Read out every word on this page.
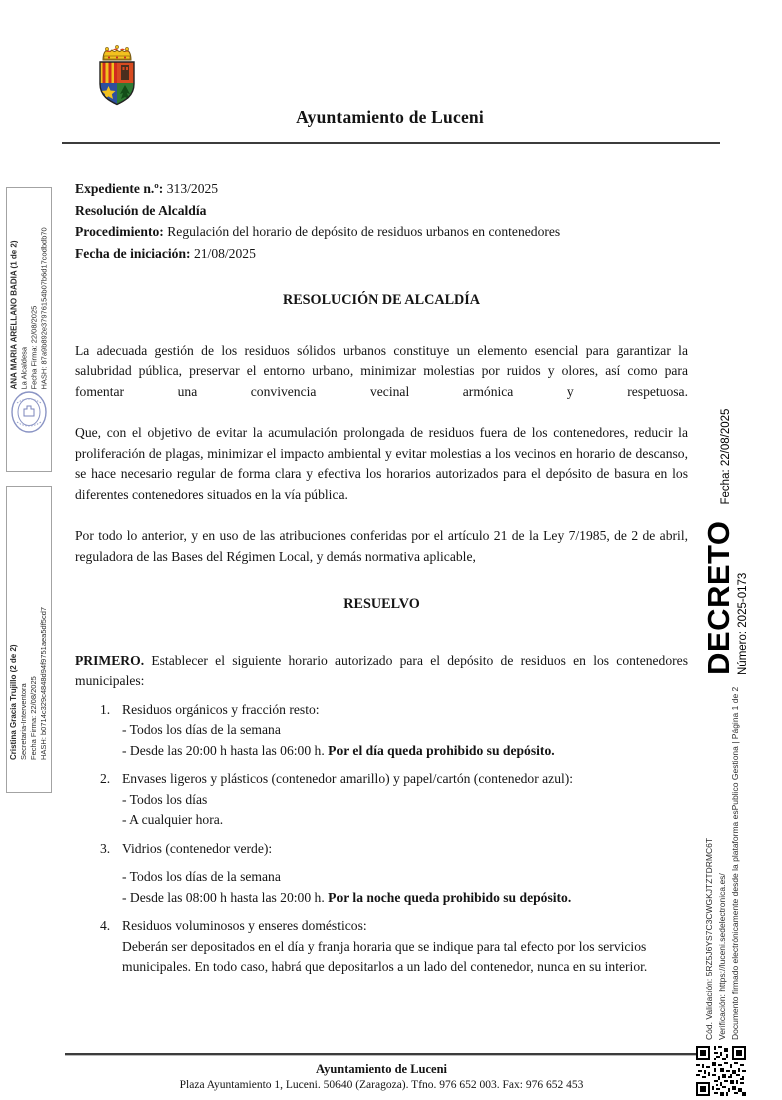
Ayuntamiento de Luceni

ANA MARIA ARELLANO BADIA (1 de 2) La Alcaldesa Fecha Firma: 22/08/2025 HASH: 87a9b892e37976154b07b6d17codbdb70

Cristina Gracia Trujillo (2 de 2) Secretaria-Interventora Fecha Firma: 22/08/2025 HASH: b0714c329c4848d94f9751aea5df5cd7

DECRETO
Fecha: 22/08/2025
Número: 2025-0173

Cód. Validación: 5RZ5J6YS7C3CWGKJTZTDRMC6T Verificación: https://luceni.sedelectronica.es/ Documento firmado electrónicamente desde la plataforma esPublico Gestiona | Página 1 de 2

Expediente n.º: 313/2025

Resolución de Alcaldía

Procedimiento: Regulación del horario de depósito de residuos urbanos en contenedores

Fecha de iniciación: 21/08/2025

RESOLUCIÓN DE ALCALDÍA

La adecuada gestión de los residuos sólidos urbanos constituye un elemento esencial para garantizar la salubridad pública, preservar el entorno urbano, minimizar molestias por ruidos y olores, así como para fomentar una convivencia vecinal armónica y respetuosa.

Que, con el objetivo de evitar la acumulación prolongada de residuos fuera de los contenedores, reducir la proliferación de plagas, minimizar el impacto ambiental y evitar molestias a los vecinos en horario de descanso, se hace necesario regular de forma clara y efectiva los horarios autorizados para el depósito de basura en los diferentes contenedores situados en la vía pública.

Por todo lo anterior, y en uso de las atribuciones conferidas por el artículo 21 de la Ley 7/1985, de 2 de abril, reguladora de las Bases del Régimen Local, y demás normativa aplicable,

RESUELVO

PRIMERO. Establecer el siguiente horario autorizado para el depósito de residuos en los contenedores municipales:

1. Residuos orgánicos y fracción resto:

- Todos los días de la semana

- Desde las 20:00 h hasta las 06:00 h. Por el día queda prohibido su depósito.

2. Envases ligeros y plásticos (contenedor amarillo) y papel/cartón (contenedor azul):

- Todos los días

- A cualquier hora.

3. Vidrios (contenedor verde):

- Todos los días de la semana

- Desde las 08:00 h hasta las 20:00 h. Por la noche queda prohibido su depósito.

4. Residuos voluminosos y enseres domésticos:

Deberán ser depositados en el día y franja horaria que se indique para tal efecto por los servicios municipales. En todo caso, habrá que depositarlos a un lado del contenedor, nunca en su interior.

Ayuntamiento de Luceni

Plaza Ayuntamiento 1, Luceni. 50640 (Zaragoza). Tfno. 976 652 003. Fax: 976 652 453
